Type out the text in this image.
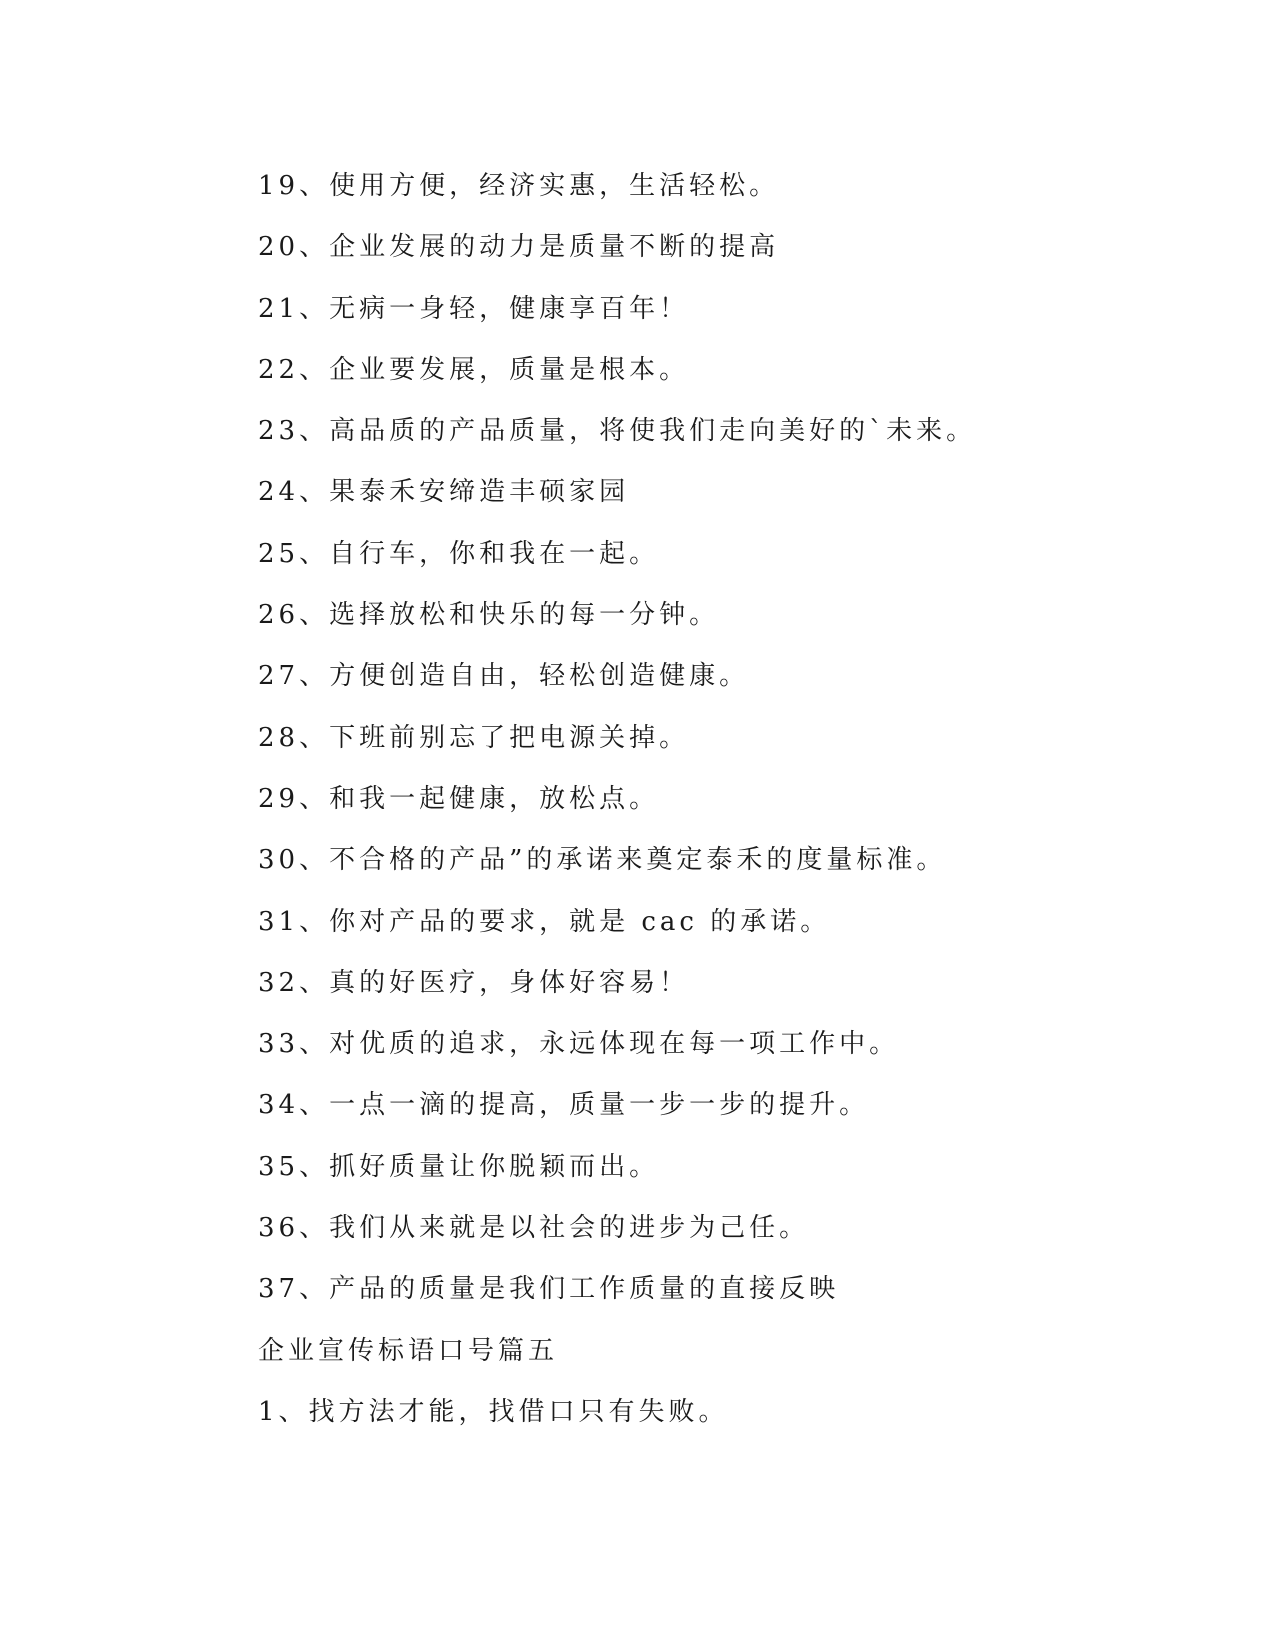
19、使用方便，经济实惠，生活轻松。
20、企业发展的动力是质量不断的提高
21、无病一身轻，健康享百年！
22、企业要发展，质量是根本。
23、高品质的产品质量，将使我们走向美好的`未来。
24、果泰禾安缔造丰硕家园
25、自行车，你和我在一起。
26、选择放松和快乐的每一分钟。
27、方便创造自由，轻松创造健康。
28、下班前别忘了把电源关掉。
29、和我一起健康，放松点。
30、不合格的产品”的承诺来奠定泰禾的度量标准。
31、你对产品的要求，就是 cac 的承诺。
32、真的好医疗，身体好容易！
33、对优质的追求，永远体现在每一项工作中。
34、一点一滴的提高，质量一步一步的提升。
35、抓好质量让你脱颖而出。
36、我们从来就是以社会的进步为己任。
37、产品的质量是我们工作质量的直接反映
企业宣传标语口号篇五
1、找方法才能，找借口只有失败。
